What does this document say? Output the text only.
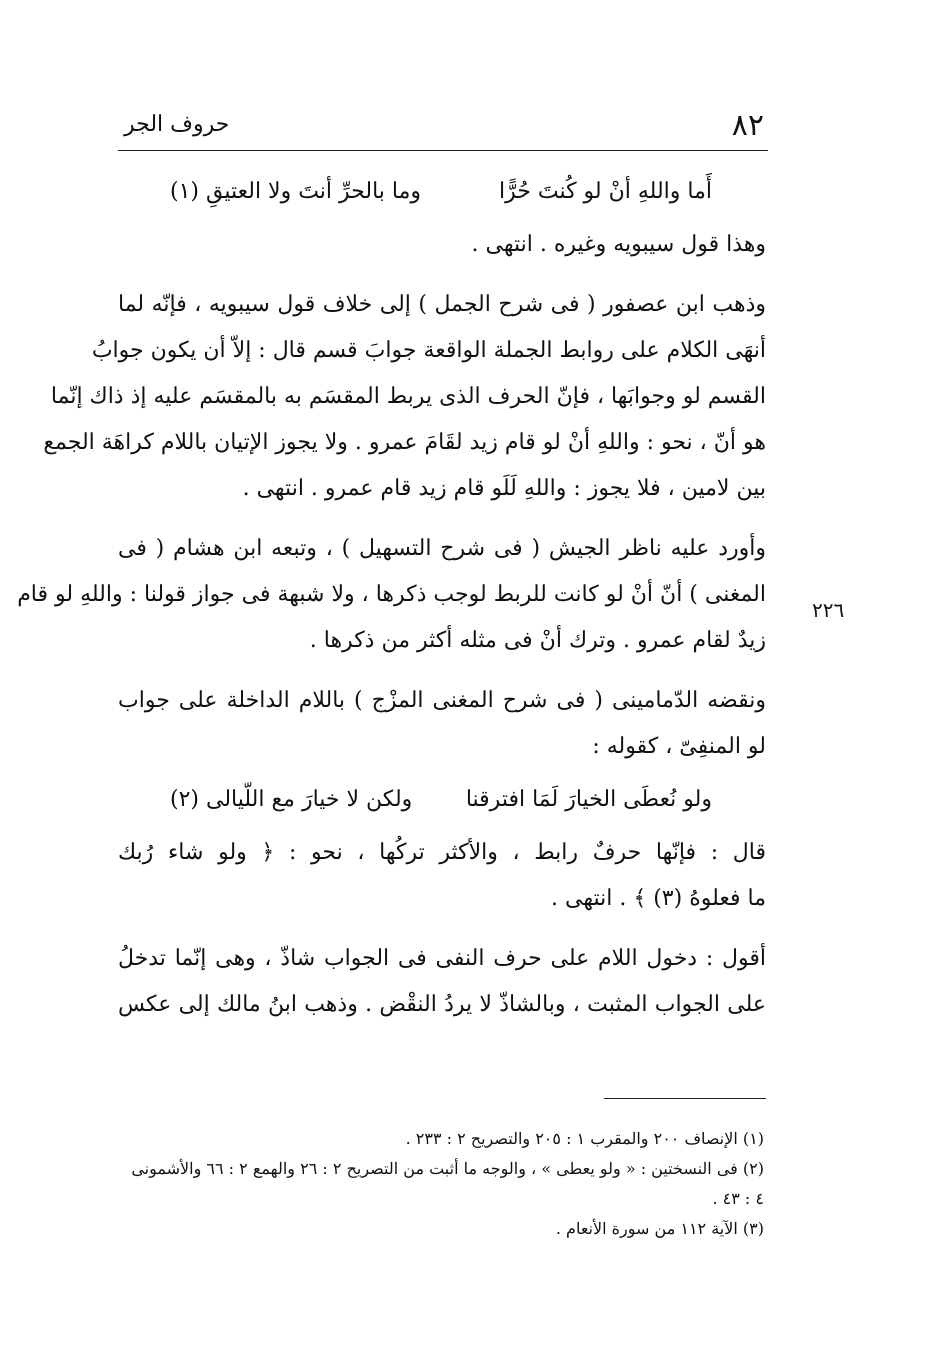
٨٢
حروف الجر
٢٢٦
أَما واللهِ أنْ لو كُنتَ حُرًّا
وما بالحرِّ أنتَ ولا العتيقِ (١)
وهذا قول سيبويه وغيره . انتهى .
وذهب ابن عصفور ( فى شرح الجمل ) إلى خلاف قول سيبويه ، فإنّه لما
أنهَى الكلام على روابط الجملة الواقعة جوابَ قسم قال : إلاّ أن يكون جوابُ
القسم لو وجوابَها ، فإنّ الحرف الذى يربط المقسَم به بالمقسَم عليه إذ ذاك إنّما
هو أنّ ، نحو : واللهِ أنْ لو قام زيد لقَامَ عمرو . ولا يجوز الإتيان باللام كراهَة الجمع
بين لامين ، فلا يجوز : واللهِ لَلَو قام زيد قام عمرو . انتهى .
وأورد عليه ناظر الجيش ( فى شرح التسهيل ) ، وتبعه ابن هشام ( فى
المغنى ) أنّ أنْ لو كانت للربط لوجب ذكرها ، ولا شبهة فى جواز قولنا : واللهِ لو قام
زيدٌ لقام عمرو . وترك أنْ فى مثله أكثر من ذكرها .
ونقضه الدّمامينى ( فى شرح المغنى المزْج ) باللام الداخلة على جواب
لو المنفِىّ ، كقوله :
ولو نُعطَى الخيارَ لَمَا افترقنا
ولكن لا خيارَ مع اللّيالى (٢)
قال : فإنّها حرفٌ رابط ، والأكثر تركُها ، نحو : ﴿ ولو شاء رُبك
ما فعلوهُ (٣) ﴾ . انتهى .
أقول : دخول اللام على حرف النفى فى الجواب شاذّ ، وهى إنّما تدخلُ
على الجواب المثبت ، وبالشاذّ لا يردُ النقْض . وذهب ابنُ مالك إلى عكس
(١) الإنصاف ٢٠٠ والمقرب ١ : ٢٠٥ والتصريح ٢ : ٢٣٣ .
(٢) فى النسختين : « ولو يعطى » ، والوجه ما أثبت من التصريح ٢ : ٢٦ والهمع ٢ : ٦٦ والأشمونى
٤ : ٤٣ .
(٣) الآية ١١٢ من سورة الأنعام .
